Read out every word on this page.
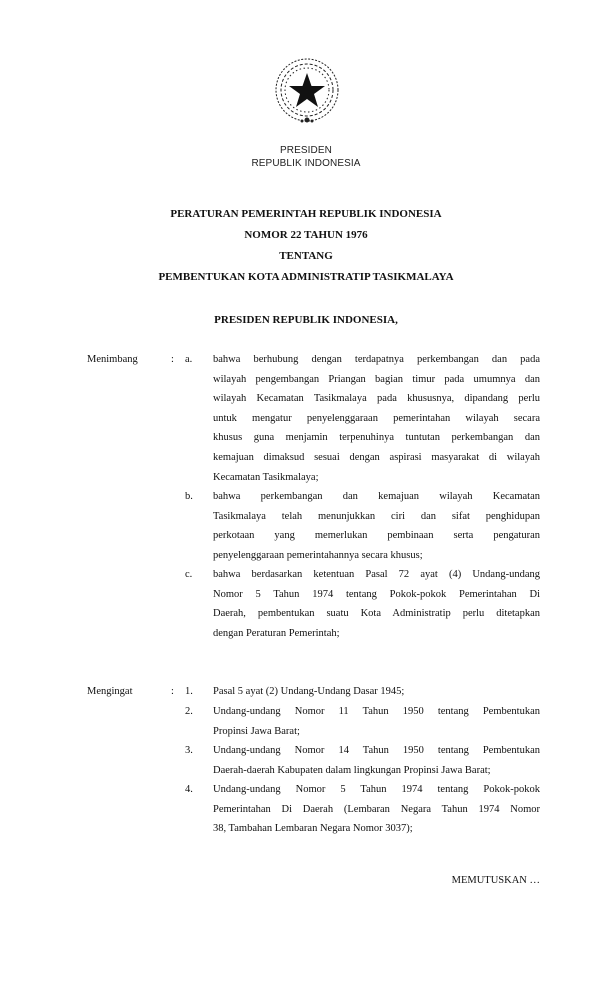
PRESIDEN
REPUBLIK INDONESIA
PERATURAN PEMERINTAH REPUBLIK INDONESIA
NOMOR 22 TAHUN 1976
TENTANG
PEMBENTUKAN KOTA ADMINISTRATIP TASIKMALAYA
PRESIDEN REPUBLIK INDONESIA,
Menimbang	: a. bahwa berhubung dengan terdapatnya perkembangan dan pada
wilayah pengembangan Priangan bagian timur pada umumnya dan
wilayah Kecamatan Tasikmalaya pada khususnya, dipandang perlu
untuk mengatur penyelenggaraan pemerintahan wilayah secara
khusus guna menjamin terpenuhinya tuntutan perkembangan dan
kemajuan dimaksud sesuai dengan aspirasi masyarakat di wilayah
Kecamatan Tasikmalaya;
b. bahwa perkembangan dan kemajuan wilayah Kecamatan
Tasikmalaya telah menunjukkan ciri dan sifat penghidupan
perkotaan yang memerlukan pembinaan serta pengaturan
penyelenggaraan pemerintahannya secara khusus;
c. bahwa berdasarkan ketentuan Pasal 72 ayat (4) Undang-undang
Nomor 5 Tahun 1974 tentang Pokok-pokok Pemerintahan Di
Daerah, pembentukan suatu Kota Administratip perlu ditetapkan
dengan Peraturan Pemerintah;
Mengingat	: 1. Pasal 5 ayat (2) Undang-Undang Dasar 1945;
2. Undang-undang Nomor 11 Tahun 1950 tentang Pembentukan
Propinsi Jawa Barat;
3. Undang-undang Nomor 14 Tahun 1950 tentang Pembentukan
Daerah-daerah Kabupaten dalam lingkungan Propinsi Jawa Barat;
4. Undang-undang Nomor 5 Tahun 1974 tentang Pokok-pokok
Pemerintahan Di Daerah (Lembaran Negara Tahun 1974 Nomor
38, Tambahan Lembaran Negara Nomor 3037);
MEMUTUSKAN …
